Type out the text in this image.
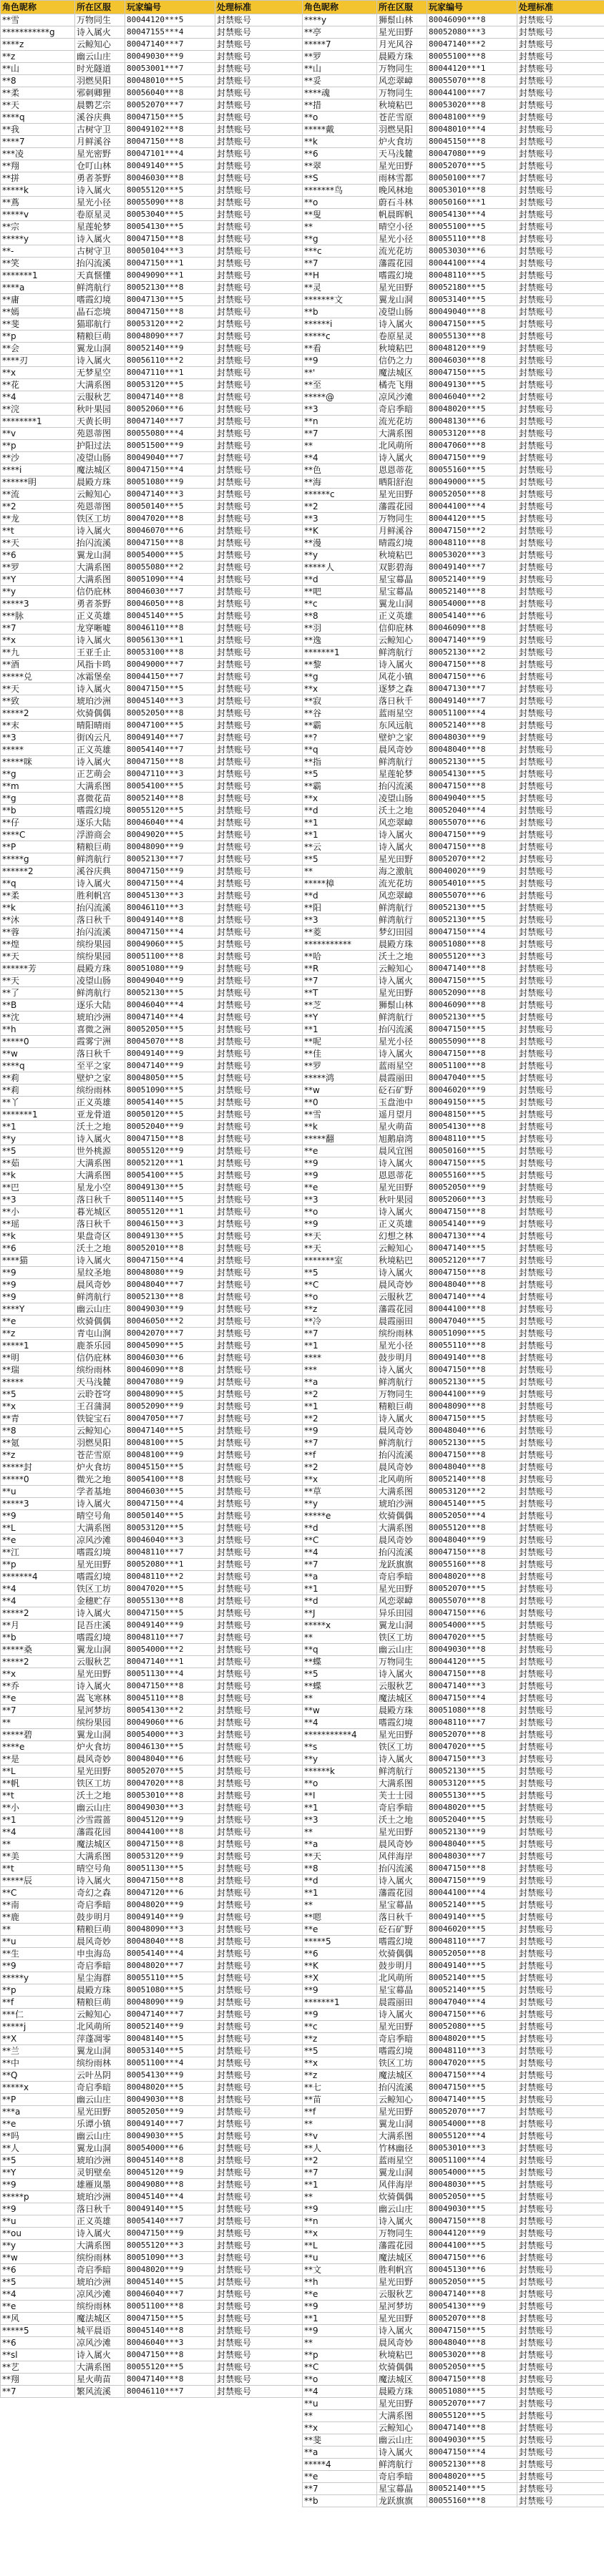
角色昵称	所在区服	玩家编号	处理标准
**雪	万物同生	80044120***5	封禁账号
***********g	诗入属火	80047155***4	封禁账号
****z	云鲸知心	80047140***7	封禁账号
**z	幽云山庄	80049030***9	封禁账号
**山	时光隧道	80053001***7	封禁账号
**8	羽燃昊阳	80048010***5	封禁账号
**柔	邪刺卿狸	80056040***8	封禁账号
**天	晨鹦艺宗	80052070***7	封禁账号
****q	溪谷庆典	80047150***5	封禁账号
**我	古树守卫	80049102***8	封禁账号
****7	月鲜溪谷	80047150***8	封禁账号
***凌	星光密野	80047101***4	封禁账号
**翔	仓叮山林	80049140***5	封禁账号
**拼	勇者茶野	80046030***8	封禁账号
*****k	诗入属火	80055120***5	封禁账号
**蔦	星光小径	80055090***8	封禁账号
*****v	卷原星灵	80053040***5	封禁账号
**宗	星莲轮梦	80054130***5	封禁账号
*****y	诗入属火	80047150***8	封禁账号
**-	古树守卫	80050104***3	封禁账号
**笑	抬闪流溪	80047150***1	封禁账号
*******1	天真惬懂	80049090***1	封禁账号
****a	鲜湾航行	80052130***8	封禁账号
**庸	嗜霞幻境	80047130***5	封禁账号
**嫣	晶石恋境	80047150***8	封禁账号
**斐	猫耶航行	80053120***2	封禁账号
**p	精粮巨萌	80048090***7	封禁账号
**会	翼龙山洞	80052140***9	封禁账号
****刃	诗入属火	80056110***2	封禁账号
**x	无梦星空	80047110***1	封禁账号
**花	大满系图	80053120***5	封禁账号
**4	云服秋艺	80047140***8	封禁账号
**浣	秋叶果园	80052060***6	封禁账号
********1	天黄长明	80047140***7	封禁账号
**v	苑恩蒂图	80055080***4	封禁账号
**p	护阳过法	80051500***9	封禁账号
**沙	凌望山肠	80049040***7	封禁账号
****i	魔法城区	80047150***4	封禁账号
******明	晨殿方珠	80051080***9	封禁账号
**流	云鲸知心	80047140***3	封禁账号
**2	苑恩蒂图	80050140***5	封禁账号
**龙	铁区工坊	80047020***8	封禁账号
**t	诗入属火	80046070***6	封禁账号
**天	抬闪流溪	80047150***8	封禁账号
**6	翼龙山洞	80054000***5	封禁账号
**罗	大满系图	80055080***2	封禁账号
**Y	大满系图	80051090***4	封禁账号
**y	信仍庇林	80046030***7	封禁账号
*****3	勇者茶野	80046050***8	封禁账号
***脉	正义英雄	80045140***5	封禁账号
**7	龙穿晰嘘	80046110***8	封禁账号
**x	诗入属火	80056130***1	封禁账号
**九	王亚壬止	80053100***8	封禁账号
**酒	风指卡鸣	80049000***7	封禁账号
*****兑	冰霜堡垒	80044150***7	封禁账号
**天	诗入属火	80047150***5	封禁账号
**致	琥珀沙洲	80045140***3	封禁账号
*****2	炊骑偶偶	80052050***8	封禁账号
**末	晴阳晴雨	80047100***5	封禁账号
**3	街凶云凡	80049140***7	封禁账号
*****	正义英雄	80054140***7	封禁账号
*****咪	诗入属火	80047150***8	封禁账号
**g	正艺萌会	80047110***3	封禁账号
**m	大满系图	80054100***5	封禁账号
**g	喜微花苗	80052140***8	封禁账号
**b	嗜霞幻境	80055120***5	封禁账号
**仔	逐乐大陆	80046040***4	封禁账号
****C	浮游商会	80049020***5	封禁账号
**P	精粮巨萌	80048090***9	封禁账号
*****g	鲜湾航行	80052130***7	封禁账号
******2	溪谷庆典	80047150***9	封禁账号
**q	诗入属火	80047150***4	封禁账号
**柔	胜利帆宫	80045130***3	封禁账号
**k	抬闪流溪	80046110***3	封禁账号
**沐	落日秋千	80049140***8	封禁账号
**蓉	抬闪流溪	80047150***4	封禁账号
**煌	缤纷果园	80049060***5	封禁账号
**天	缤纷果园	80051100***8	封禁账号
******芳	晨殿方珠	80051080***9	封禁账号
**天	凌望山肠	80049040***9	封禁账号
**了	鲜湾航行	80052130***5	封禁账号
**B	逐乐大陆	80046040***4	封禁账号
**沈	琥珀沙洲	80047140***4	封禁账号
**h	喜微之洲	80052050***5	封禁账号
*****0	霞雾宁洲	80045070***8	封禁账号
**w	落日秋千	80049140***9	封禁账号
****q	至平之家	80047140***9	封禁账号
**莉	壁炉之家	80048050***5	封禁账号
**莉	缤纷雨林	80051090***5	封禁账号
**丫	正义英雄	80054140***5	封禁账号
*******1	亚龙骨道	80050120***5	封禁账号
**1	沃土之地	80052040***9	封禁账号
**y	诗入属火	80047150***8	封禁账号
**5	世外桃源	80055120***9	封禁账号
**茹	大满系图	80052120***1	封禁账号
**k	大满系图	80054100***5	封禁账号
**巴	星龙小空	80049130***5	封禁账号
**3	落日秋千	80051140***5	封禁账号
**小	暮光城区	80055120***1	封禁账号
**瑶	落日秋千	80046150***3	封禁账号
**k	果盘奇区	80049130***5	封禁账号
**6	沃土之地	80052010***8	封禁账号
****猫	诗入属火	80047150***4	封禁账号
**9	星纹圣地	80048080***9	封禁账号
**9	晨风奇妙	80048040***7	封禁账号
**9	鲜湾航行	80052130***8	封禁账号
****Y	幽云山庄	80049030***9	封禁账号
**e	炊骑偶偶	80046050***2	封禁账号
**z	青屯山涧	80042070***7	封禁账号
*****1	鹿茶乐园	80045090***5	封禁账号
**明	信仍庇林	80046030***6	封禁账号
**瑞	缤纷雨林	80046090***8	封禁账号
*****	天马浅麓	80047080***9	封禁账号
**5	云聆苍穹	80048090***5	封禁账号
**x	王召蒲洞	80052090***9	封禁账号
**青	铁锭宝石	80047050***7	封禁账号
**8	云鲸知心	80047140***5	封禁账号
**氪	羽燃昊阳	80048100***5	封禁账号
**z	苍茫雪原	80048100***9	封禁账号
*****封	炉火食坊	80045150***5	封禁账号
*****0	微光之地	80054100***8	封禁账号
**u	学者基地	80046030***5	封禁账号
*****3	诗入属火	80047150***4	封禁账号
**9	晴空号角	80050140***5	封禁账号
**L	大满系图	80053120***5	封禁账号
**e	凉风沙滩	80046040***3	封禁账号
**江	嗜霞幻境	80048110***7	封禁账号
**p	星光田野	80052080***1	封禁账号
*******4	嗜霞幻境	80048110***2	封禁账号
**4	铁区工坊	80047020***5	封禁账号
**4	金穗贮存	80055130***8	封禁账号
*****2	诗入属火	80047150***5	封禁账号
**月	昆吾庄溪	80049140***9	封禁账号
**b	嗜霞幻境	80048110***7	封禁账号
*****桑	翼龙山洞	80054000***2	封禁账号
*****2	云服秋艺	80047140***1	封禁账号
**x	星光田野	80051130***4	封禁账号
**乔	诗入属火	80047150***8	封禁账号
**e	嵩飞寒林	80045110***8	封禁账号
**7	星河梦坊	80054130***2	封禁账号
**	缤纷果园	80049060***6	封禁账号
*****碧	翼龙山洞	80054000***3	封禁账号
****e	炉火食坊	80046130***5	封禁账号
**是	晨风奇妙	80048040***6	封禁账号
**L	星光田野	80052070***5	封禁账号
**帆	铁区工坊	80047020***8	封禁账号
**t	沃土之地	80053010***8	封禁账号
**小	幽云山庄	80049030***3	封禁账号
**1	沙雪霞蔷	80045120***9	封禁账号
**4	藩霞花园	80044100***8	封禁账号
**	魔法城区	80047150***8	封禁账号
**美	大满系图	80053120***9	封禁账号
**t	晴空号角	80051130***5	封禁账号
*****辰	诗入属火	80047150***8	封禁账号
**C	奇幻之森	80047120***6	封禁账号
**南	奇启季暗	80048020***9	封禁账号
**鹿	鼓步明月	80049140***9	封禁账号
**	精粮巨萌	80048090***3	封禁账号
**u	晨风奇妙	80048040***8	封禁账号
**生	申虫海岛	80054140***4	封禁账号
**9	奇启季暗	80048020***7	封禁账号
*****y	星尘海群	80055110***5	封禁账号
**p	晨殿方珠	80051080***5	封禁账号
**f	精粮巨萌	80048090***9	封禁账号
***仁	云鲸知心	80047140***7	封禁账号
*****j	北风萌所	80052140***9	封禁账号
**X	萍蓬凋零	80048140***5	封禁账号
**兰	翼龙山洞	80053140***5	封禁账号
**中	缤纷雨林	80051100***4	封禁账号
**Q	云叶丛阴	80054130***9	封禁账号
*****x	奇启季暗	80048020***5	封禁账号
**P	幽云山庄	80049030***8	封禁账号
***a	星光田野	80052050***9	封禁账号
**e	乐谭小镇	80049140***7	封禁账号
**吗	幽云山庄	80049030***5	封禁账号
**人	翼龙山洞	80054000***6	封禁账号
**5	琥珀沙洲	80045140***8	封禁账号
**Y	灵钥壁垒	80045120***9	封禁账号
**9	雄雁岚墨	80049080***8	封禁账号
*****p	琥珀沙洲	80045140***4	封禁账号
**9	落日秋千	80049140***5	封禁账号
**u	正义英雄	80054140***7	封禁账号
**ou	诗入属火	80047150***9	封禁账号
**y	大满系图	80055120***3	封禁账号
**w	缤纷雨林	80051090***3	封禁账号
**6	奇启季暗	80048020***9	封禁账号
**5	琥珀沙洲	80045140***5	封禁账号
**4	凉风沙滩	80046040***7	封禁账号
**e	缤纷雨林	80051100***8	封禁账号
**风	魔法城区	80047150***5	封禁账号
*****5	城平晨语	80045140***8	封禁账号
**6	凉风沙滩	80046040***3	封禁账号
**sl	诗入属火	80047150***8	封禁账号
**艺	大满系图	80055120***5	封禁账号
**翔	星火萌苗	80047140***8	封禁账号
**7	繁风流溪	80046110***7	封禁账号
角色昵称	所在区服	玩家编号	处理标准
****y	狮鬃山林	80046090***8	封禁账号
**亭	星光田野	80052080***3	封禁账号
*****7	月光风谷	80047140***2	封禁账号
**罗	晨殿方珠	80055100***8	封禁账号
**山	万物同生	80044120***1	封禁账号
**妥	风恋翠嶂	80055070***8	封禁账号
****魂	万物同生	80044100***7	封禁账号
**措	秋境粘巴	80053020***8	封禁账号
**o	苍茫雪原	80048100***9	封禁账号
*****戴	羽燃昊阳	80048010***4	封禁账号
**k	炉火食坊	80045150***8	封禁账号
**6	天马浅麓	80047080***9	封禁账号
**翠	星光田野	80052070***5	封禁账号
**S	雨林雪都	80050100***7	封禁账号
*******鸟	晚风林地	80053010***8	封禁账号
**o	蔚石斗林	80050160***1	封禁账号
**叟	帆晨晖帆	80054130***4	封禁账号
**	晴空小径	80055100***5	封禁账号
**g	星光小径	80055110***8	封禁账号
***c	流光花坊	80053030***6	封禁账号
**7	藩霞花园	80044100***4	封禁账号
**H	嗜霞幻境	80048110***5	封禁账号
**灵	星光田野	80052180***5	封禁账号
*******文	翼龙山洞	80053140***5	封禁账号
**b	凌望山肠	80049040***8	封禁账号
******i	诗入属火	80047150***5	封禁账号
*****c	卷原星灵	80055130***8	封禁账号
**看	秋境粘巴	80048120***9	封禁账号
**9	信仍之力	80046030***8	封禁账号
**'	魔法城区	80047150***5	封禁账号
**至	橘壳飞翔	80049130***5	封禁账号
*****@	凉风沙滩	80046040***2	封禁账号
**3	奇启季暗	80048020***5	封禁账号
**n	流光花坊	80048130***6	封禁账号
**7	大满系图	80053120***8	封禁账号
**	北风萌所	80047060***8	封禁账号
**4	诗入属火	80047150***9	封禁账号
**色	恩恩蒂花	80055160***5	封禁账号
**海	晒阳舒泡	80049000***5	封禁账号
******c	星光田野	80052050***8	封禁账号
**2	藩霞花园	80044100***4	封禁账号
**3	万物同生	80044120***5	封禁账号
**K	月鲜溪谷	80047150***2	封禁账号
**漫	晴霞幻境	80048110***8	封禁账号
**y	秋境粘巴	80053020***3	封禁账号
*****人	双影碧海	80049140***7	封禁账号
**d	星宝幕晶	80052140***9	封禁账号
**吧	星宝幕晶	80052140***8	封禁账号
**c	翼龙山洞	80054000***8	封禁账号
**8	正义英雄	80054140***6	封禁账号
**羽	信仰庇林	80046090***8	封禁账号
**逸	云鲸知心	80047140***9	封禁账号
*******1	鲜湾航行	80052130***2	封禁账号
**黎	诗入属火	80047150***8	封禁账号
**g	风花小镇	80047150***6	封禁账号
**x	逐梦之森	80047130***7	封禁账号
**寂	落日秋千	80049140***7	封禁账号
**谷	蓝雨星空	80051100***4	封禁账号
**霸	东风远航	80052140***8	封禁账号
**?	壁炉之家	80048030***9	封禁账号
**q	晨风奇妙	80048040***8	封禁账号
**指	鲜湾航行	80052130***5	封禁账号
**5	星莲轮梦	80054130***5	封禁账号
**霸	抬闪流溪	80047150***8	封禁账号
**x	凌望山肠	80049040***5	封禁账号
**d	沃土之地	80052040***4	封禁账号
**1	风恋翠嶂	80055070***6	封禁账号
**1	诗入属火	80047150***9	封禁账号
**云	诗入属火	80047150***8	封禁账号
**5	星光田野	80052070***2	封禁账号
**	海之激航	80040020***9	封禁账号
*****樟	流光花坊	80054010***5	封禁账号
**d	风恋翠嶂	80055070***6	封禁账号
**阳	鲜湾航行	80052130***5	封禁账号
**3	鲜湾航行	80052130***5	封禁账号
**菱	梦幻田园	80047150***4	封禁账号
***********	晨殿方珠	80051080***8	封禁账号
**哈	沃土之地	80055120***3	封禁账号
**R	云鲸知心	80047140***8	封禁账号
**7	诗入属火	80047150***5	封禁账号
**T	星光田野	80052090***8	封禁账号
**芝	狮鬃山林	80046090***8	封禁账号
**Y	鲜湾航行	80052130***5	封禁账号
**1	抬闪流溪	80047150***5	封禁账号
**呢	星光小径	80055090***8	封禁账号
**佳	诗入属火	80047150***8	封禁账号
**罗	蓝雨星空	80051100***8	封禁账号
*****鸿	晨霞丽田	80047040***5	封禁账号
**w	砭石矿野	80046020***9	封禁账号
**0	玉盘池中	80049150***5	封禁账号
**雪	遥月望月	80048150***5	封禁账号
**k	星火萌苗	80054130***8	封禁账号
*****翻	旭鹅扇湾	80048110***5	封禁账号
**e	晨风宜图	80050160***5	封禁账号
**9	诗入属火	80047150***5	封禁账号
**9	恩恩蒂花	80055160***5	封禁账号
**e	星光田野	80052050***9	封禁账号
**3	秋叶果园	80052060***3	封禁账号
**o	诗入属火	80047150***8	封禁账号
**9	正义英雄	80054140***9	封禁账号
**天	幻想之林	80047130***4	封禁账号
**天	云鲸知心	80047140***5	封禁账号
*******室	秋境粘巴	80052120***7	封禁账号
**5	诗入属火	80047150***8	封禁账号
**C	晨风奇妙	80048040***8	封禁账号
**o	云服秋艺	80047140***4	封禁账号
**z	藩霞花园	80044100***8	封禁账号
**冷	晨霞丽田	80047040***5	封禁账号
**7	缤纷雨林	80051090***5	封禁账号
**1	星光小径	80055110***8	封禁账号
****	鼓步明月	80049140***8	封禁账号
***	诗入属火	80047150***8	封禁账号
**a	鲜湾航行	80052130***5	封禁账号
**2	万物同生	80044100***9	封禁账号
**1	精粮巨萌	80048090***8	封禁账号
**2	诗入属火	80047150***5	封禁账号
**9	晨风奇妙	80048040***6	封禁账号
**7	鲜湾航行	80052130***5	封禁账号
**f	抬闪流溪	80047150***8	封禁账号
**2	晨风奇妙	80048040***8	封禁账号
**x	北风萌所	80052140***8	封禁账号
**草	大满系图	80053120***2	封禁账号
**y	琥珀沙洲	80045140***5	封禁账号
*****e	炊骑偶偶	80052050***4	封禁账号
**d	大满系图	80055120***8	封禁账号
**C	晨风奇妙	80048040***9	封禁账号
**4	抬闪流溪	80047150***8	封禁账号
**7	龙跃旗旗	80055160***8	封禁账号
**a	奇启季暗	80048020***8	封禁账号
**1	星光田野	80052070***5	封禁账号
**d	风恋翠嶂	80055070***8	封禁账号
**J	异乐田园	80047150***6	封禁账号
*****x	翼龙山洞	80054000***5	封禁账号
**	铁区工坊	80047020***5	封禁账号
**q	幽云山庄	80049030***8	封禁账号
**蝶	万物同生	80044120***5	封禁账号
**5	诗入属火	80047150***8	封禁账号
**蝶	云服秋艺	80047140***3	封禁账号
**	魔法城区	80047150***4	封禁账号
**w	晨殿方珠	80051080***8	封禁账号
**4	嗜霞幻境	80048110***7	封禁账号
***********4	星光田野	80052070***8	封禁账号
**s	铁区工坊	80047020***5	封禁账号
**y	诗入属火	80047150***3	封禁账号
******k	鲜湾航行	80052130***5	封禁账号
**o	大满系图	80053120***5	封禁账号
**I	芙士士园	80055130***5	封禁账号
**1	奇启季暗	80048020***5	封禁账号
**3	沃土之地	80052040***5	封禁账号
**	星光田野	80052130***9	封禁账号
**a	晨风奇妙	80048040***5	封禁账号
**天	风伴海岸	80048030***7	封禁账号
**8	抬闪流溪	80047150***8	封禁账号
**d	诗入属火	80047150***9	封禁账号
**1	藩霞花园	80044100***4	封禁账号
**	星宝幕晶	80052140***5	封禁账号
**嗯	落日秋千	80049140***5	封禁账号
**e	砭石矿野	80046020***5	封禁账号
*****5	嗜霞幻境	80048110***7	封禁账号
**6	炊骑偶偶	80052050***8	封禁账号
**K	鼓步明月	80049140***5	封禁账号
**X	北风萌所	80052140***5	封禁账号
**9	星宝幕晶	80052140***5	封禁账号
*******1	晨霞丽田	80047040***4	封禁账号
**9	诗入属火	80047150***6	封禁账号
**c	星光田野	80052080***5	封禁账号
**z	奇启季暗	80048020***5	封禁账号
**5	嗜霞幻境	80048110***3	封禁账号
**x	铁区工坊	80047020***5	封禁账号
**z	魔法城区	80047150***4	封禁账号
**七	抬闪流溪	80047150***5	封禁账号
**苗	云鲸知心	80047140***5	封禁账号
**f	星光田野	80052070***7	封禁账号
**	翼龙山洞	80054000***8	封禁账号
**v	大满系图	80055120***4	封禁账号
**人	竹林幽径	80053010***3	封禁账号
**2	蓝雨星空	80051100***4	封禁账号
**7	翼龙山洞	80054000***5	封禁账号
**1	风伴海岸	80048030***5	封禁账号
**	炊骑偶偶	80052050***5	封禁账号
**9	幽云山庄	80049030***5	封禁账号
**n	诗入属火	80047150***8	封禁账号
**x	万物同生	80044120***9	封禁账号
**L	藩霞花园	80044100***5	封禁账号
**u	魔法城区	80047150***6	封禁账号
**文	胜利帆宫	80045130***6	封禁账号
**h	星光田野	80052050***5	封禁账号
**e	云服秋艺	80047140***8	封禁账号
**9	星河梦坊	80054130***9	封禁账号
**1	星光田野	80052070***8	封禁账号
**9	诗入属火	80047150***5	封禁账号
**	晨风奇妙	80048040***8	封禁账号
**p	秋境粘巴	80053020***8	封禁账号
**C	炊骑偶偶	80052050***5	封禁账号
**o	魔法城区	80047150***8	封禁账号
**4	晨殿方珠	80051080***5	封禁账号
**u	星光田野	80052070***7	封禁账号
**	大满系图	80055120***5	封禁账号
**x	云鲸知心	80047140***8	封禁账号
**斐	幽云山庄	80049030***5	封禁账号
**a	诗入属火	80047150***4	封禁账号
*****4	鲜湾航行	80052130***8	封禁账号
**e	奇启季暗	80048020***5	封禁账号
**7	星宝幕晶	80052140***5	封禁账号
**b	龙跃旗旗	80055160***8	封禁账号
